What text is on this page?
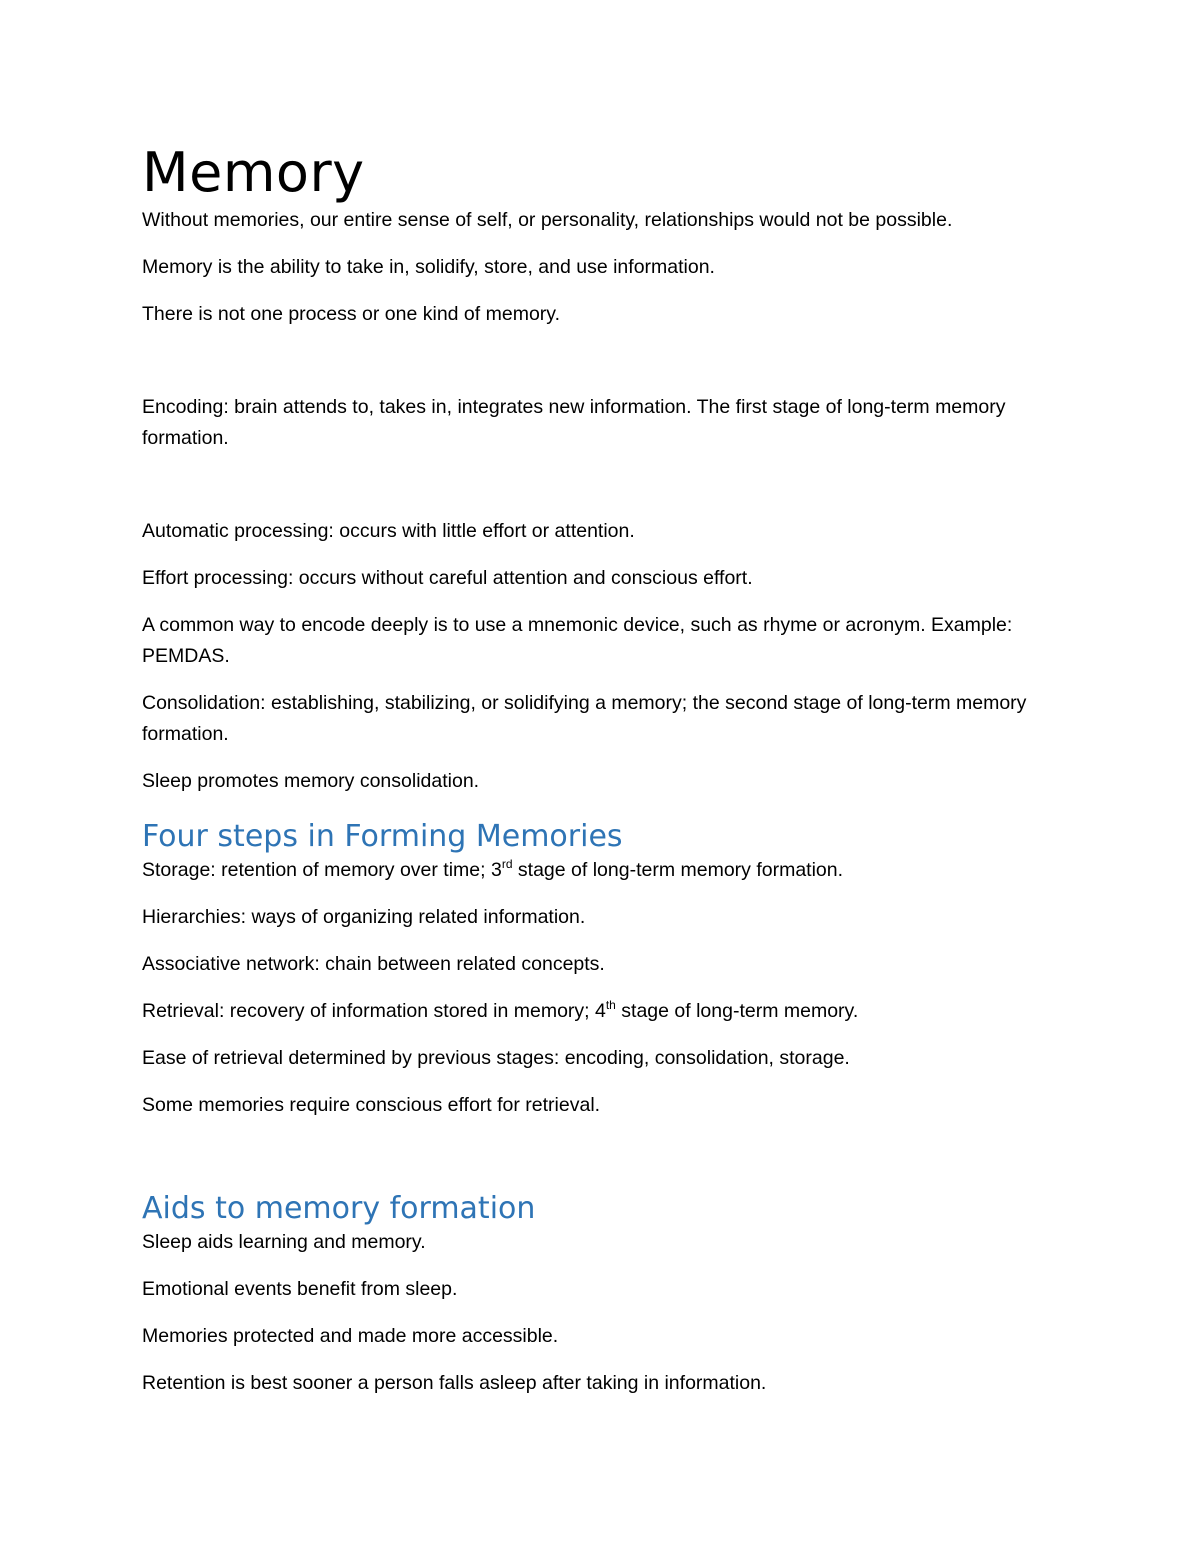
Memory

Without memories, our entire sense of self, or personality, relationships would not be possible.

Memory is the ability to take in, solidify, store, and use information.

There is not one process or one kind of memory.

Encoding: brain attends to, takes in, integrates new information. The first stage of long-term memory formation.

Automatic processing: occurs with little effort or attention.

Effort processing: occurs without careful attention and conscious effort.

A common way to encode deeply is to use a mnemonic device, such as rhyme or acronym. Example: PEMDAS.

Consolidation: establishing, stabilizing, or solidifying a memory; the second stage of long-term memory formation.

Sleep promotes memory consolidation.

Four steps in Forming Memories

Storage: retention of memory over time; 3rd stage of long-term memory formation.

Hierarchies: ways of organizing related information.

Associative network: chain between related concepts.

Retrieval: recovery of information stored in memory; 4th stage of long-term memory.

Ease of retrieval determined by previous stages: encoding, consolidation, storage.

Some memories require conscious effort for retrieval.

Aids to memory formation

Sleep aids learning and memory.

Emotional events benefit from sleep.

Memories protected and made more accessible.

Retention is best sooner a person falls asleep after taking in information.
